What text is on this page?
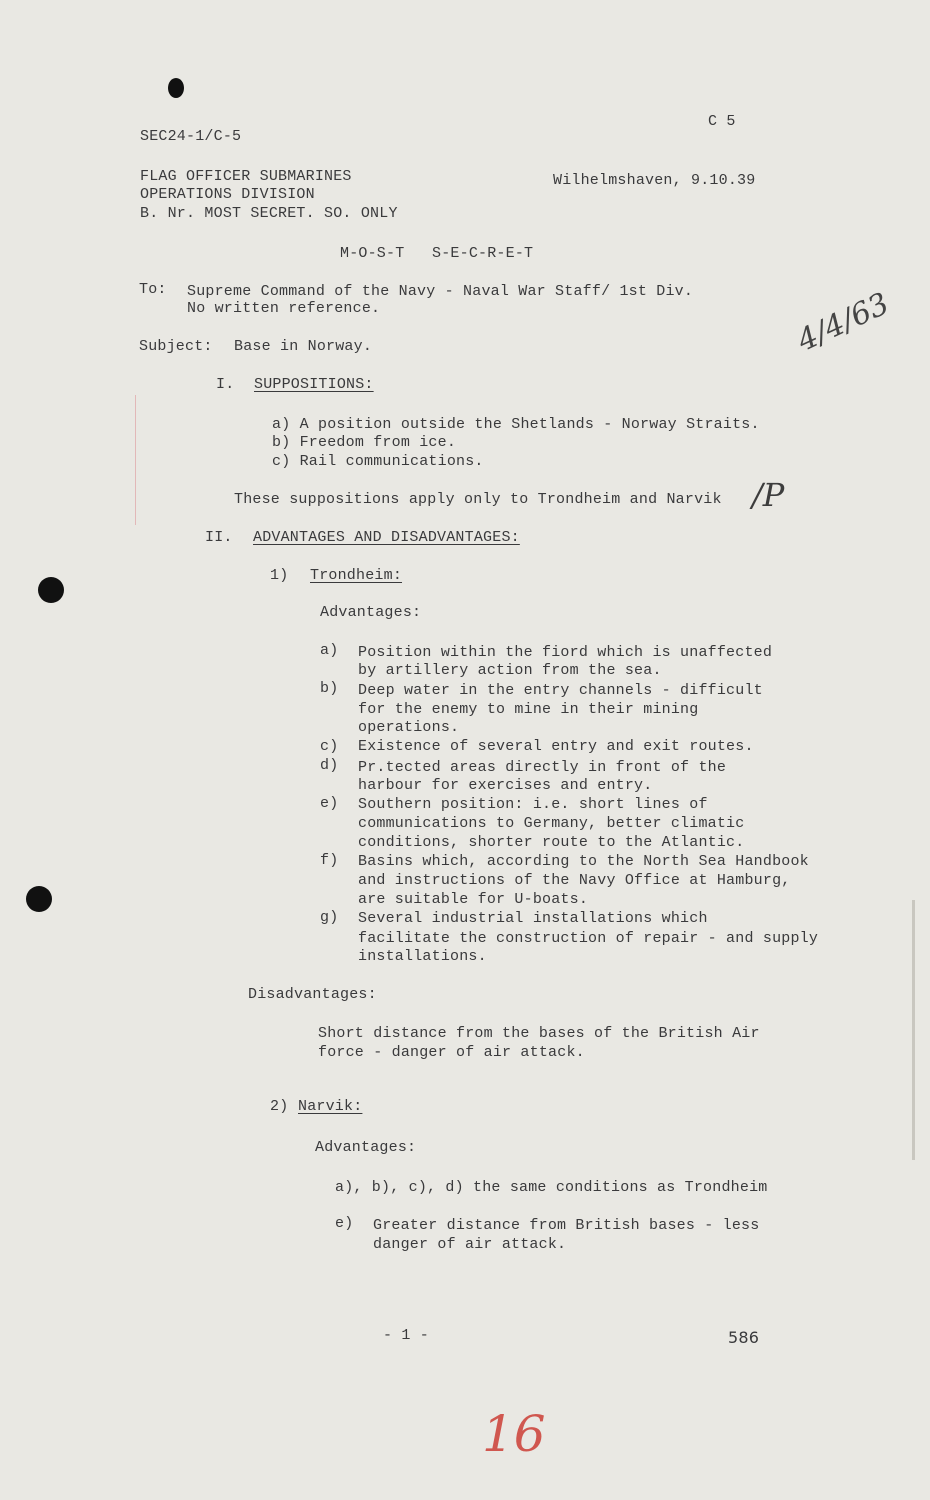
SEC24-1/C-5
C 5
FLAG OFFICER SUBMARINES
OPERATIONS DIVISION
B. Nr. MOST SECRET. SO. ONLY
Wilhelmshaven, 9.10.39
M-O-S-T   S-E-C-R-E-T
To: Supreme Command of the Navy - Naval War Staff/ 1st Div.
No written reference.
Subject: Base in Norway.	4/4/63
I. SUPPOSITIONS:
a) A position outside the Shetlands - Norway Straits.
b) Freedom from ice.
c) Rail communications.
These suppositions apply only to Trondheim and Narvik /P
II. ADVANTAGES AND DISADVANTAGES:
1) Trondheim:
Advantages:
a) Position within the fiord which is unaffected
by artillery action from the sea.
b) Deep water in the entry channels - difficult
for the enemy to mine in their mining
operations.
c) Existence of several entry and exit routes.
d) Pr.tected areas directly in front of the
harbour for exercises and entry.
e) Southern position: i.e. short lines of
communications to Germany, better climatic
conditions, shorter route to the Atlantic.
f) Basins which, according to the North Sea Handbook
and instructions of the Navy Office at Hamburg,
are suitable for U-boats.
g) Several industrial installations which
facilitate the construction of repair - and supply
installations.
Disadvantages:
Short distance from the bases of the British Air
force - danger of air attack.
2) Narvik:
Advantages:
a), b), c), d) the same conditions as Trondheim
e) Greater distance from British bases - less
danger of air attack.
- 1 -	586
16
